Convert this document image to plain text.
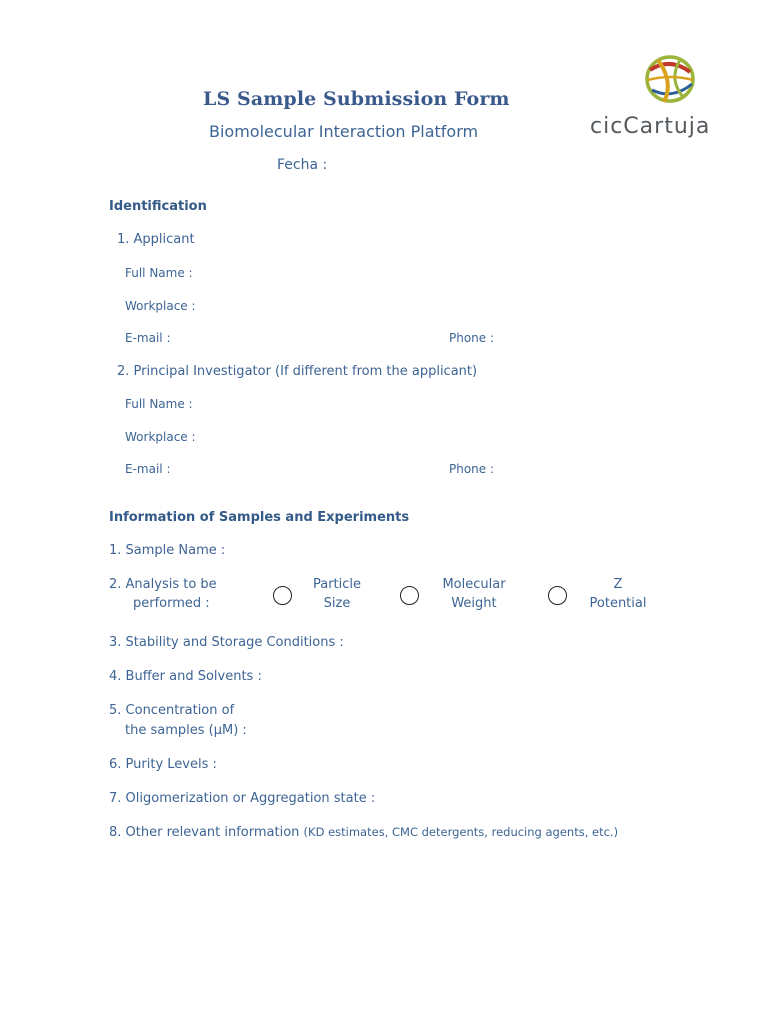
LS Sample Submission Form
Biomolecular Interaction Platform
Fecha :
cicCartuja
Identification
1. Applicant
Full Name :
Workplace :
E-mail :	Phone :
2. Principal Investigator (If different from the applicant)
Full Name :
Workplace :
E-mail :	Phone :
Information of Samples and Experiments
1. Sample Name :
2. Analysis to be
performed :
Particle
Size
Molecular
Weight
Z
Potential
3. Stability and Storage Conditions :
4. Buffer and Solvents :
5. Concentration of
the samples (µM) :
6. Purity Levels :
7. Oligomerization or Aggregation state :
8. Other relevant information (KD estimates, CMC detergents, reducing agents, etc.)
